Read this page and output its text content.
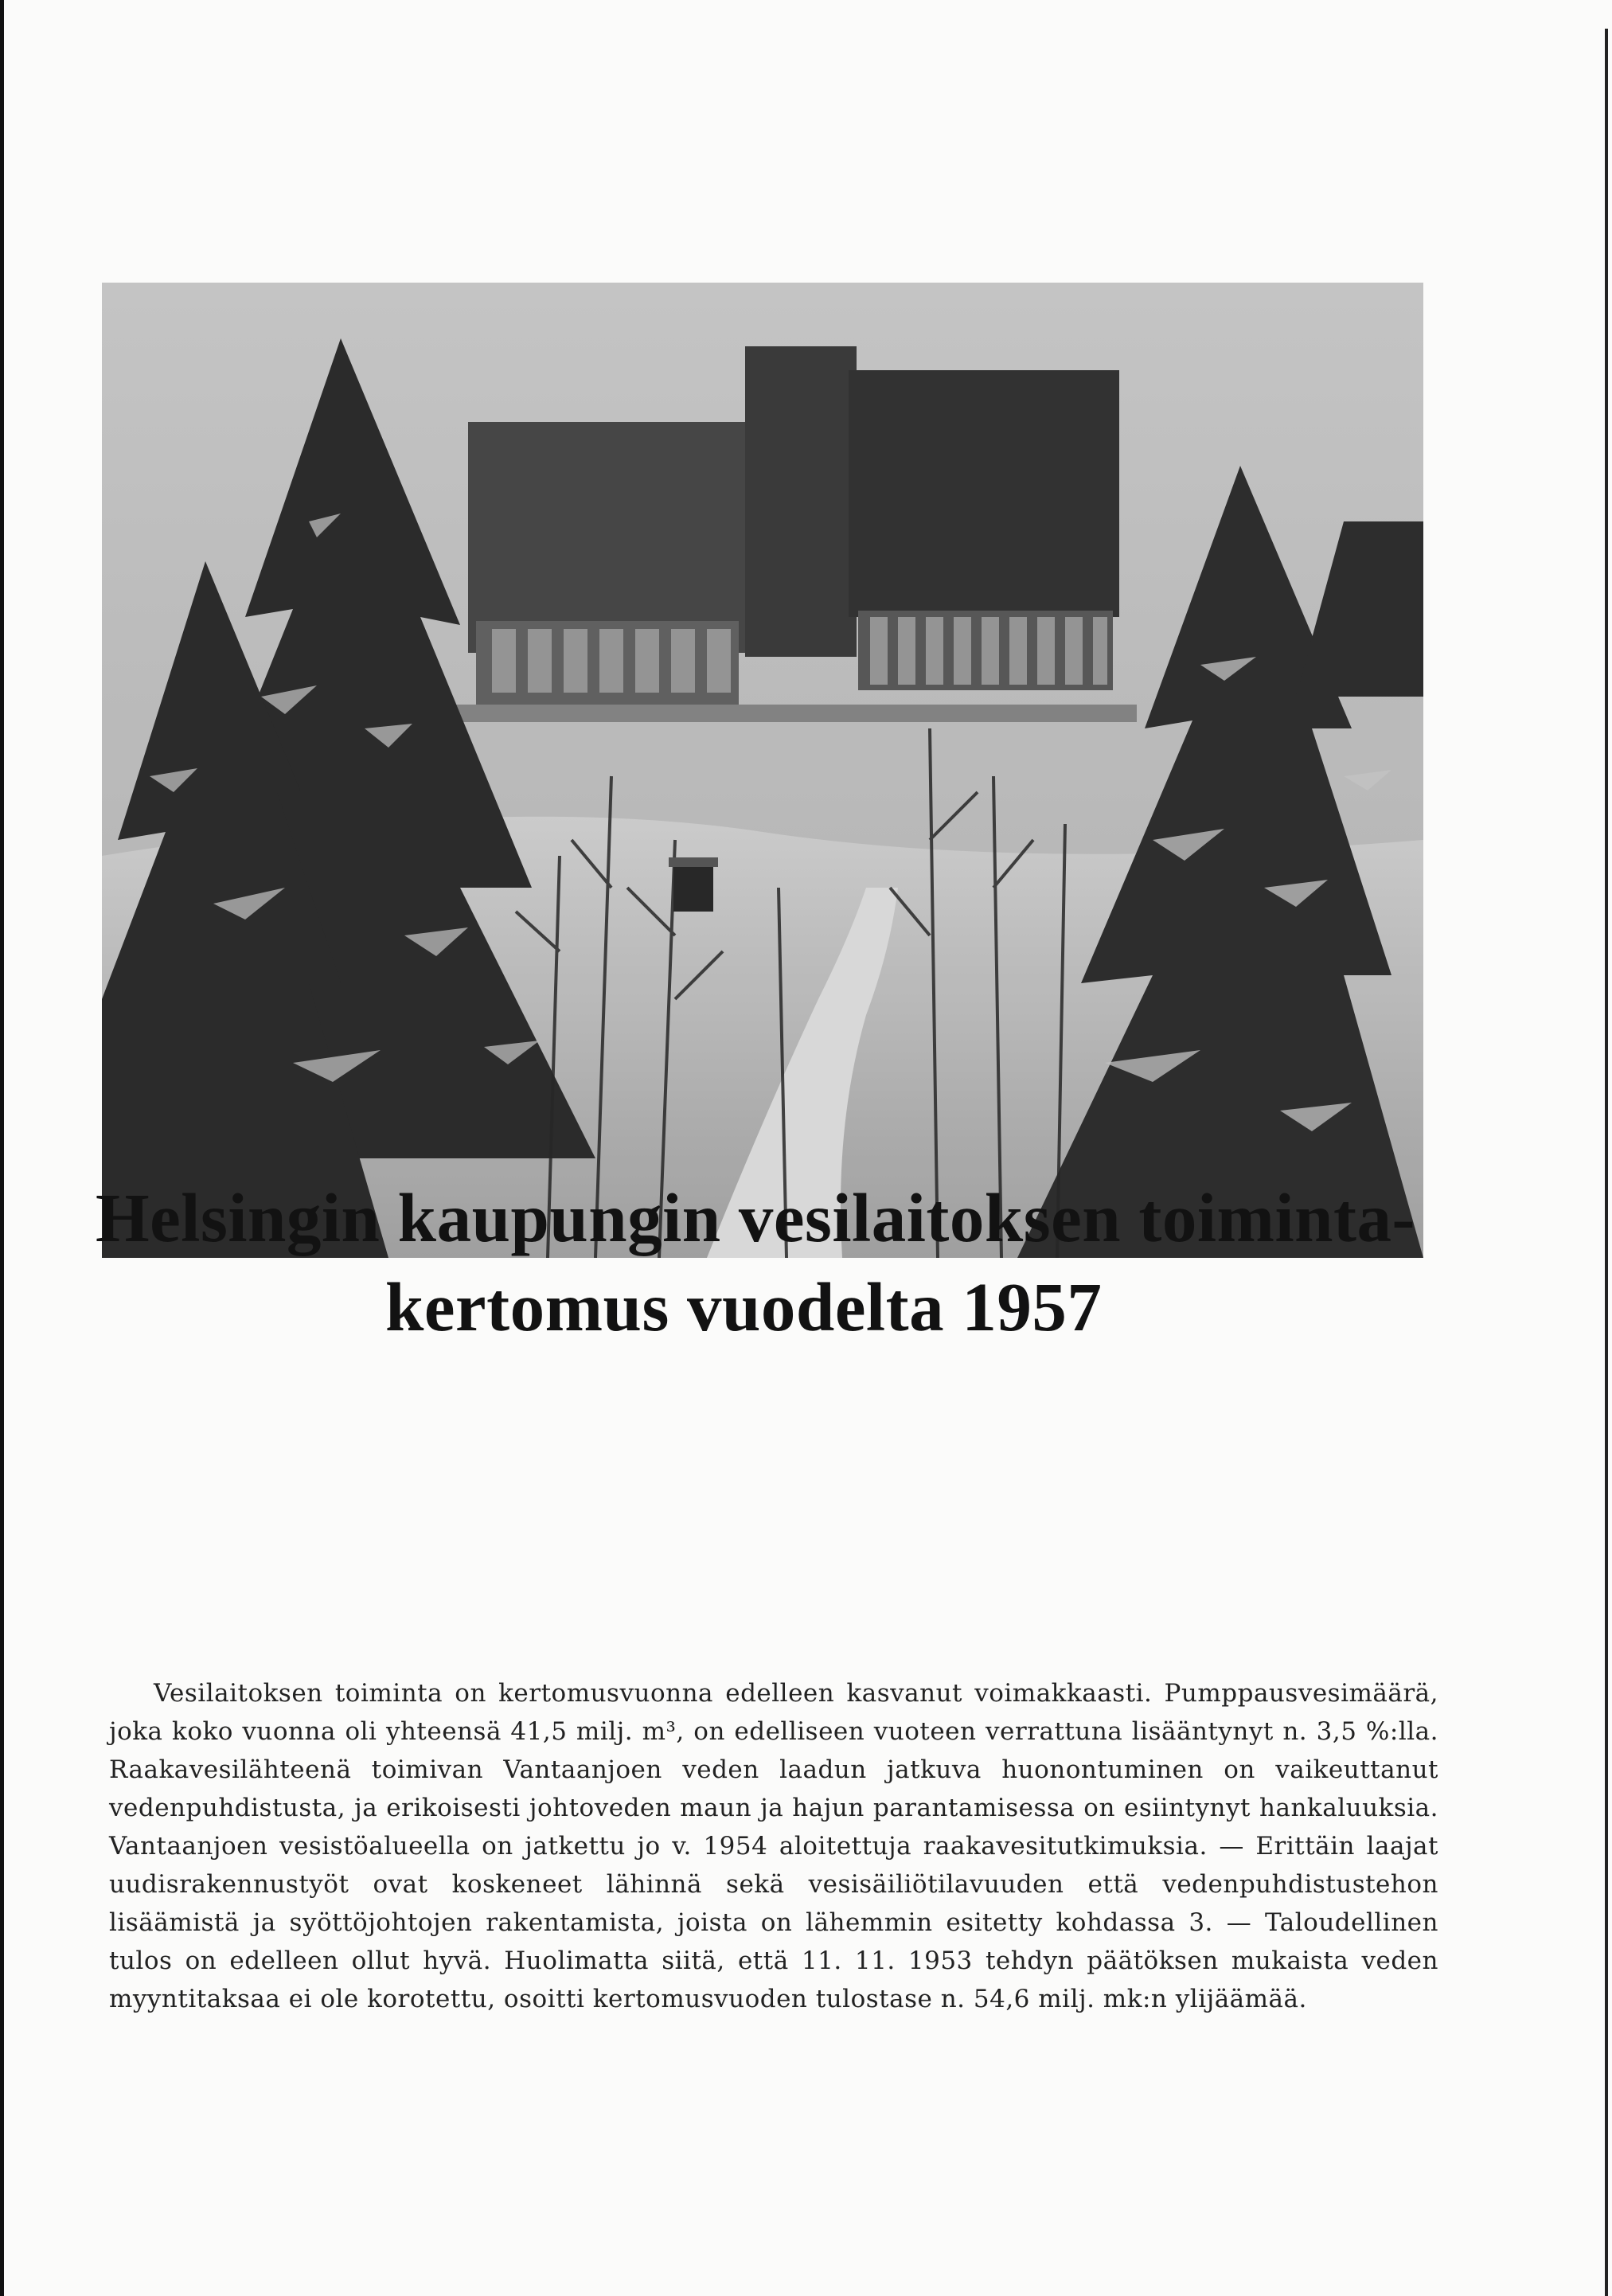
Helsingin kaupungin vesilaitoksen toiminta-
kertomus vuodelta 1957

Vesilaitoksen toiminta on kertomusvuonna edelleen kasvanut voimakkaasti. Pumppausvesimäärä, joka koko vuonna oli yhteensä 41,5 milj. m³, on edelliseen vuoteen verrattuna lisääntynyt n. 3,5 %:lla. Raakavesilähteenä toimivan Vantaanjoen veden laadun jatkuva huonontuminen on vaikeuttanut vedenpuhdistusta, ja erikoisesti johtoveden maun ja hajun parantamisessa on esiintynyt hankaluuksia. Vantaanjoen vesistöalueella on jatkettu jo v. 1954 aloitettuja raakavesitutkimuksia. — Erittäin laajat uudisrakennustyöt ovat koskeneet lähinnä sekä vesisäiliötilavuuden että vedenpuhdistustehon lisäämistä ja syöttöjohtojen rakentamista, joista on lähemmin esitetty kohdassa 3. — Taloudellinen tulos on edelleen ollut hyvä. Huolimatta siitä, että 11. 11. 1953 tehdyn päätöksen mukaista veden myyntitaksaa ei ole korotettu, osoitti kertomusvuoden tulostase n. 54,6 milj. mk:n ylijäämää.
